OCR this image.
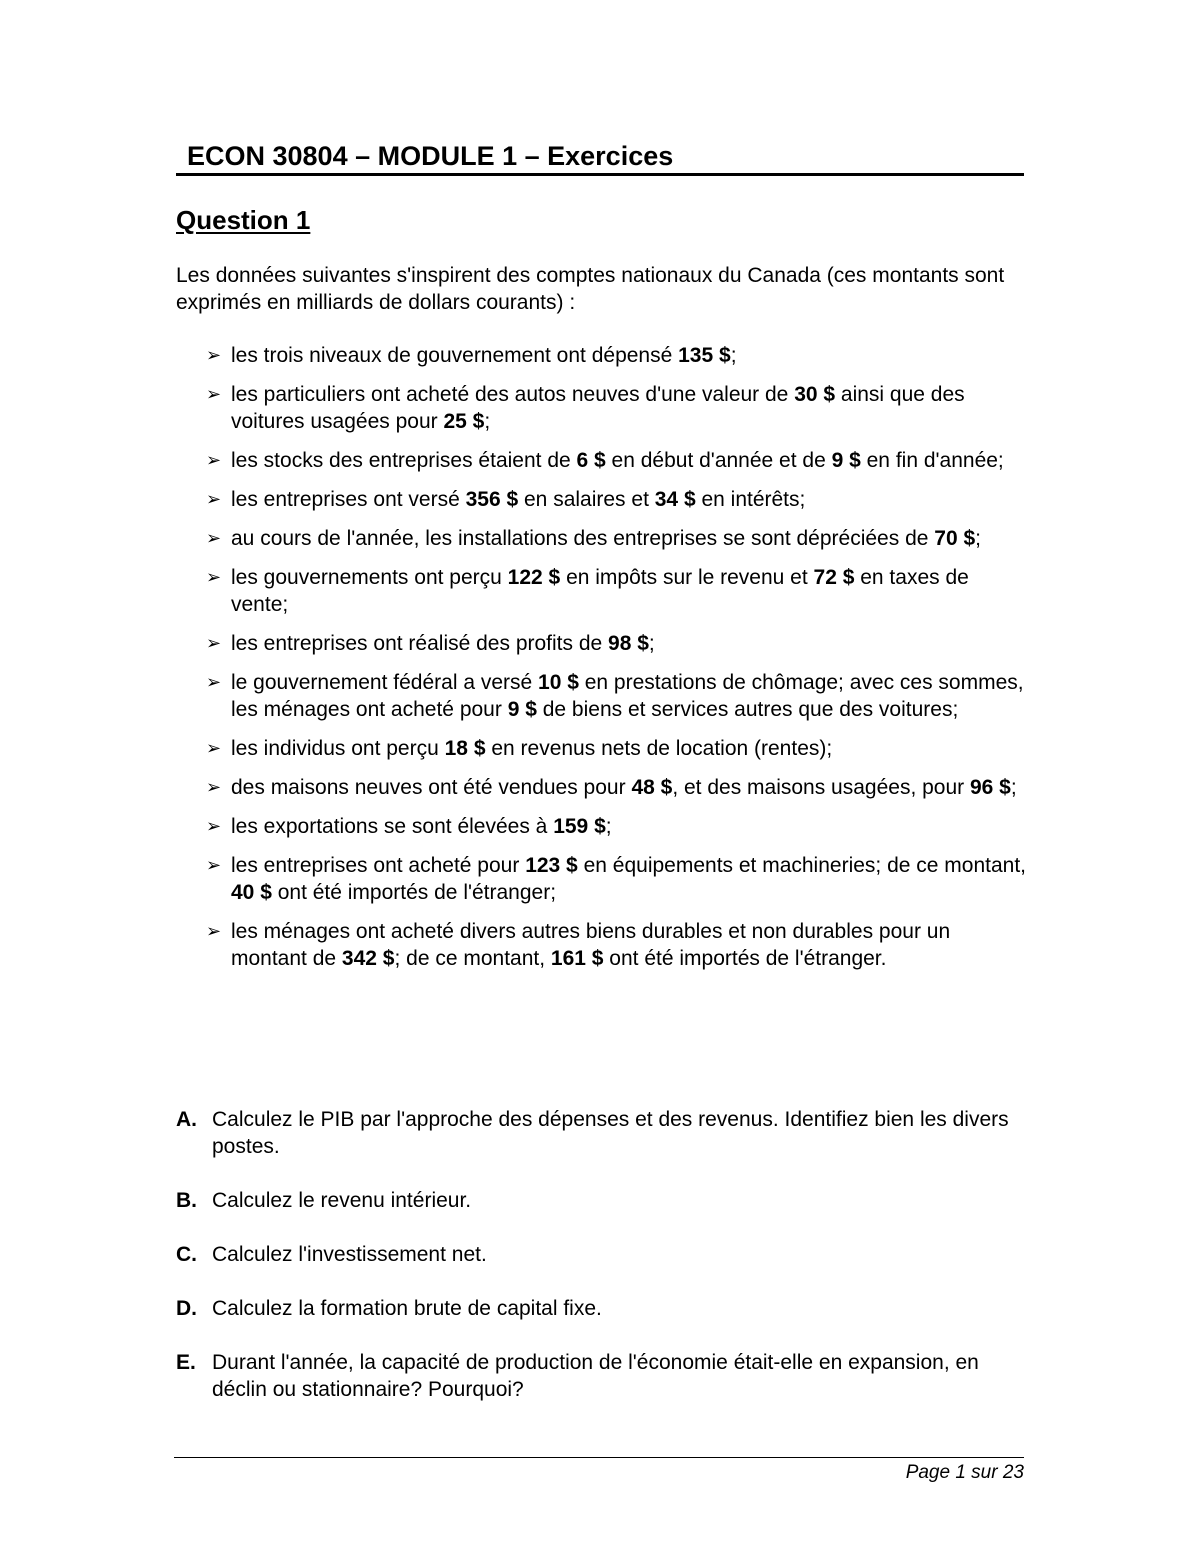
ECON 30804 – MODULE 1 – Exercices
Question 1
Les données suivantes s'inspirent des comptes nationaux du Canada (ces montants sont exprimés en milliards de dollars courants) :
➢ les trois niveaux de gouvernement ont dépensé 135 $;
➢ les particuliers ont acheté des autos neuves d'une valeur de 30 $ ainsi que des voitures usagées pour 25 $;
➢ les stocks des entreprises étaient de 6 $ en début d'année et de 9 $ en fin d'année;
➢ les entreprises ont versé 356 $ en salaires et 34 $ en intérêts;
➢ au cours de l'année, les installations des entreprises se sont dépréciées de 70 $;
➢ les gouvernements ont perçu 122 $ en impôts sur le revenu et 72 $ en taxes de vente;
➢ les entreprises ont réalisé des profits de 98 $;
➢ le gouvernement fédéral a versé 10 $ en prestations de chômage; avec ces sommes, les ménages ont acheté pour 9 $ de biens et services autres que des voitures;
➢ les individus ont perçu 18 $ en revenus nets de location (rentes);
➢ des maisons neuves ont été vendues pour 48 $, et des maisons usagées, pour 96 $;
➢ les exportations se sont élevées à 159 $;
➢ les entreprises ont acheté pour 123 $ en équipements et machineries; de ce montant, 40 $ ont été importés de l'étranger;
➢ les ménages ont acheté divers autres biens durables et non durables pour un montant de 342 $; de ce montant, 161 $ ont été importés de l'étranger.
A. Calculez le PIB par l'approche des dépenses et des revenus. Identifiez bien les divers postes.
B. Calculez le revenu intérieur.
C. Calculez l'investissement net.
D. Calculez la formation brute de capital fixe.
E. Durant l'année, la capacité de production de l'économie était-elle en expansion, en déclin ou stationnaire? Pourquoi?
Page 1 sur 23
